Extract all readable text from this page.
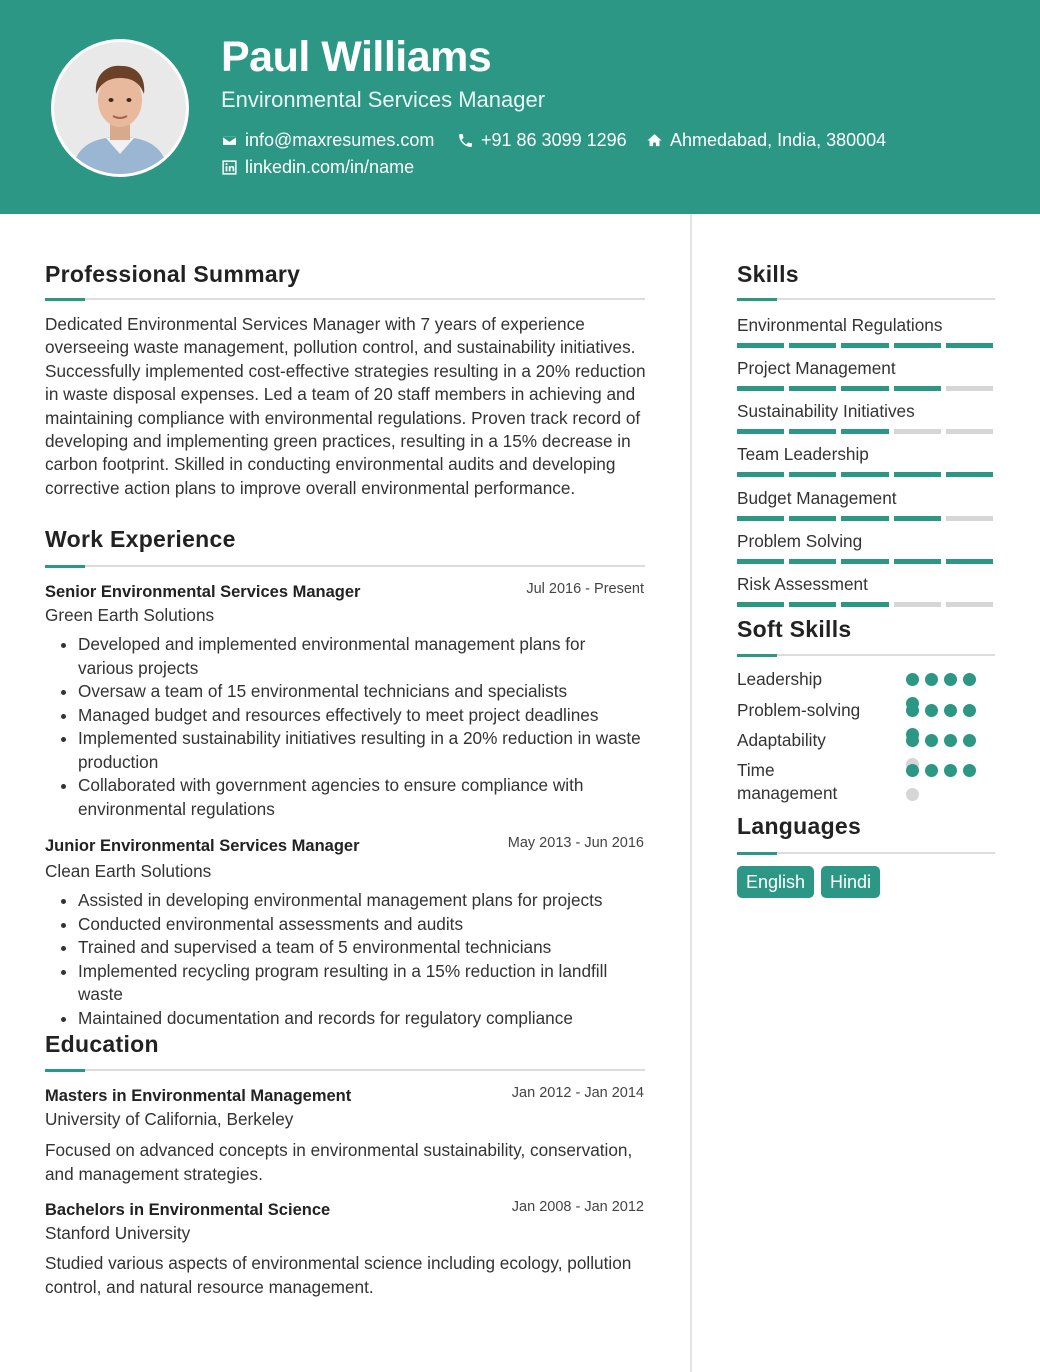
Paul Williams
Environmental Services Manager
info@maxresumes.com	+91 86 3099 1296 Ahmedabad, India, 380004
linkedin.com/in/name
Professional Summary
Dedicated Environmental Services Manager with 7 years of experience overseeing waste management, pollution control, and sustainability initiatives. Successfully implemented cost-effective strategies resulting in a 20% reduction in waste disposal expenses. Led a team of 20 staff members in achieving and maintaining compliance with environmental regulations. Proven track record of developing and implementing green practices, resulting in a 15% decrease in carbon footprint. Skilled in conducting environmental audits and developing corrective action plans to improve overall environmental performance.
Work Experience
Senior Environmental Services Manager	Jul 2016 - Present
Green Earth Solutions
Developed and implemented environmental management plans for various projects
Oversaw a team of 15 environmental technicians and specialists
Managed budget and resources effectively to meet project deadlines
Implemented sustainability initiatives resulting in a 20% reduction in waste production
Collaborated with government agencies to ensure compliance with environmental regulations
Junior Environmental Services Manager	May 2013 - Jun 2016
Clean Earth Solutions
Assisted in developing environmental management plans for projects
Conducted environmental assessments and audits
Trained and supervised a team of 5 environmental technicians
Implemented recycling program resulting in a 15% reduction in landfill waste
Maintained documentation and records for regulatory compliance
Education
Masters in Environmental Management	Jan 2012 - Jan 2014
University of California, Berkeley
Focused on advanced concepts in environmental sustainability, conservation, and management strategies.
Bachelors in Environmental Science	Jan 2008 - Jan 2012
Stanford University
Studied various aspects of environmental science including ecology, pollution control, and natural resource management.
Skills
Environmental Regulations
Project Management
Sustainability Initiatives
Team Leadership
Budget Management
Problem Solving
Risk Assessment
Soft Skills
Leadership
Problem-solving
Adaptability
Time management
Languages
English	Hindi
